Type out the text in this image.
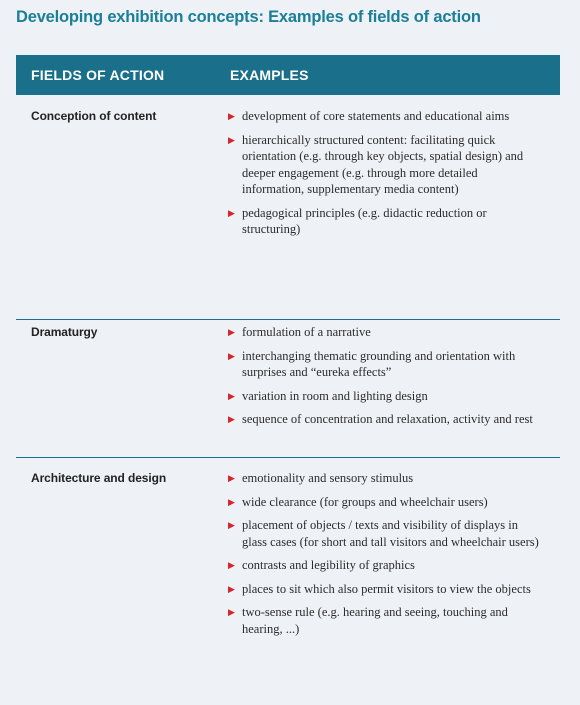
Developing exhibition concepts: Examples of fields of action
FIELDS OF ACTION	EXAMPLES
Conception of content	▶ development of core statements and educational aims
▶ hierarchically structured content: facilitating quick orientation (e.g. through key objects, spatial design) and deeper engagement (e.g. through more detailed information, supplementary media content)
▶ pedagogical principles (e.g. didactic reduction or structuring)
Dramaturgy	▶ formulation of a narrative
▶ interchanging thematic grounding and orientation with surprises and “eureka effects”
▶ variation in room and lighting design
▶ sequence of concentration and relaxation, activity and rest
Architecture and design	▶ emotionality and sensory stimulus
▶ wide clearance (for groups and wheelchair users)
▶ placement of objects / texts and visibility of displays in glass cases (for short and tall visitors and wheelchair users)
▶ contrasts and legibility of graphics
▶ places to sit which also permit visitors to view the objects
▶ two-sense rule (e.g. hearing and seeing, touching and hearing, ...)
